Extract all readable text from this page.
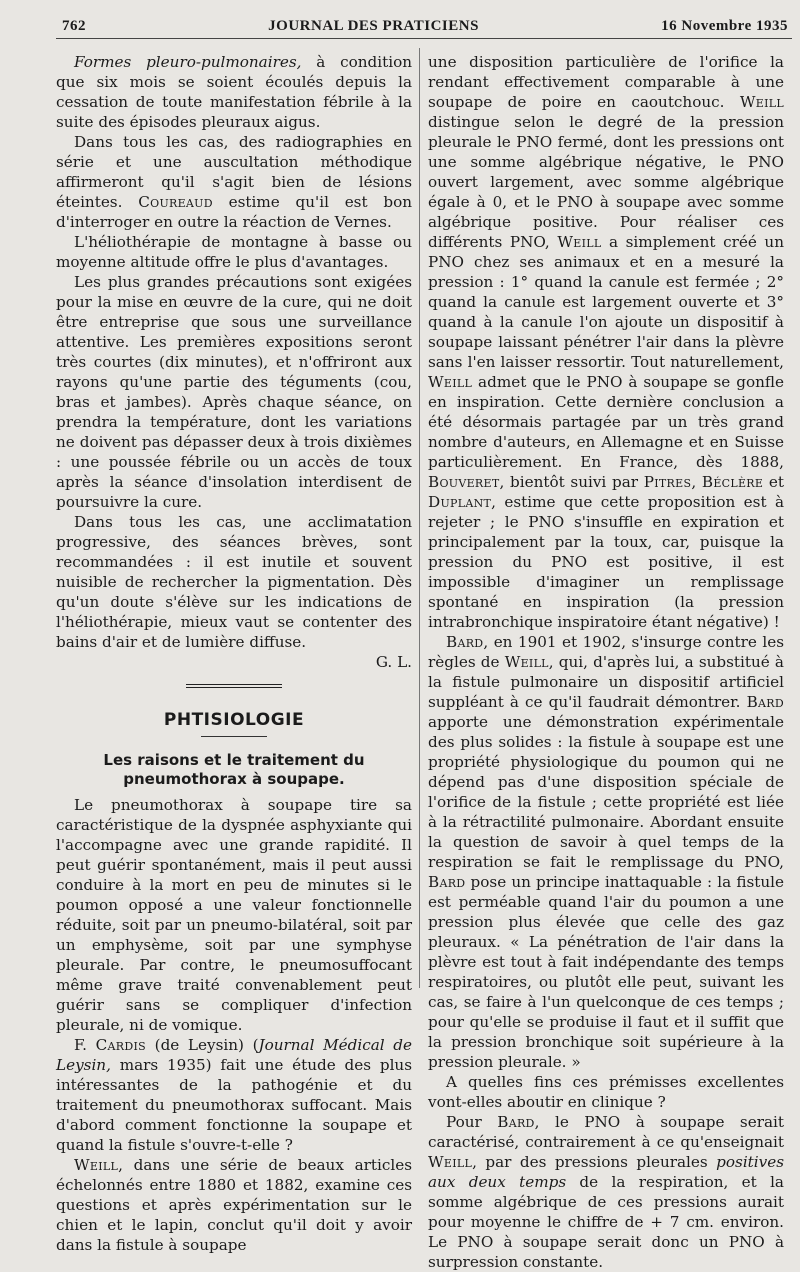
762	JOURNAL DES PRATICIENS	16 Novembre 1935

Formes pleuro-pulmonaires, à condition que six mois se soient écoulés depuis la cessation de toute manifestation fébrile à la suite des épisodes pleuraux aigus.

Dans tous les cas, des radiographies en série et une auscultation méthodique affirmeront qu'il s'agit bien de lésions éteintes. Coureaud estime qu'il est bon d'interroger en outre la réaction de Vernes.

L'héliothérapie de montagne à basse ou moyenne altitude offre le plus d'avantages.

Les plus grandes précautions sont exigées pour la mise en œuvre de la cure, qui ne doit être entreprise que sous une surveillance attentive. Les premières expositions seront très courtes (dix minutes), et n'offriront aux rayons qu'une partie des téguments (cou, bras et jambes). Après chaque séance, on prendra la température, dont les variations ne doivent pas dépasser deux à trois dixièmes : une poussée fébrile ou un accès de toux après la séance d'insolation interdisent de poursuivre la cure.

Dans tous les cas, une acclimatation progressive, des séances brèves, sont recommandées : il est inutile et souvent nuisible de rechercher la pigmentation. Dès qu'un doute s'élève sur les indications de l'héliothérapie, mieux vaut se contenter des bains d'air et de lumière diffuse.

G. L.

PHTISIOLOGIE
Les raisons et le traitement du pneumothorax à soupape.

Le pneumothorax à soupape tire sa caractéristique de la dyspnée asphyxiante qui l'accompagne avec une grande rapidité. Il peut guérir spontanément, mais il peut aussi conduire à la mort en peu de minutes si le poumon opposé a une valeur fonctionnelle réduite, soit par un pneumo-bilatéral, soit par un emphysème, soit par une symphyse pleurale. Par contre, le pneumosuffocant même grave traité convenablement peut guérir sans se compliquer d'infection pleurale, ni de vomique.

F. Cardis (de Leysin) (Journal Médical de Leysin, mars 1935) fait une étude des plus intéressantes de la pathogénie et du traitement du pneumothorax suffocant. Mais d'abord comment fonctionne la soupape et quand la fistule s'ouvre-t-elle ?

Weill, dans une série de beaux articles échelonnés entre 1880 et 1882, examine ces questions et après expérimentation sur le chien et le lapin, conclut qu'il doit y avoir dans la fistule à soupape

une disposition particulière de l'orifice la rendant effectivement comparable à une soupape de poire en caoutchouc. Weill distingue selon le degré de la pression pleurale le PNO fermé, dont les pressions ont une somme algébrique négative, le PNO ouvert largement, avec somme algébrique égale à 0, et le PNO à soupape avec somme algébrique positive. Pour réaliser ces différents PNO, Weill a simplement créé un PNO chez ses animaux et en a mesuré la pression : 1° quand la canule est fermée ; 2° quand la canule est largement ouverte et 3° quand à la canule l'on ajoute un dispositif à soupape laissant pénétrer l'air dans la plèvre sans l'en laisser ressortir. Tout naturellement, Weill admet que le PNO à soupape se gonfle en inspiration. Cette dernière conclusion a été désormais partagée par un très grand nombre d'auteurs, en Allemagne et en Suisse particulièrement. En France, dès 1888, Bouveret, bientôt suivi par Pitres, Béclère et Duplant, estime que cette proposition est à rejeter ; le PNO s'insuffle en expiration et principalement par la toux, car, puisque la pression du PNO est positive, il est impossible d'imaginer un remplissage spontané en inspiration (la pression intrabronchique inspiratoire étant négative) !

Bard, en 1901 et 1902, s'insurge contre les règles de Weill, qui, d'après lui, a substitué à la fistule pulmonaire un dispositif artificiel suppléant à ce qu'il faudrait démontrer. Bard apporte une démonstration expérimentale des plus solides : la fistule à soupape est une propriété physiologique du poumon qui ne dépend pas d'une disposition spéciale de l'orifice de la fistule ; cette propriété est liée à la rétractilité pulmonaire. Abordant ensuite la question de savoir à quel temps de la respiration se fait le remplissage du PNO, Bard pose un principe inattaquable : la fistule est perméable quand l'air du poumon a une pression plus élevée que celle des gaz pleuraux. « La pénétration de l'air dans la plèvre est tout à fait indépendante des temps respiratoires, ou plutôt elle peut, suivant les cas, se faire à l'un quelconque de ces temps ; pour qu'elle se produise il faut et il suffit que la pression bronchique soit supérieure à la pression pleurale. »

A quelles fins ces prémisses excellentes vont-elles aboutir en clinique ?

Pour Bard, le PNO à soupape serait caractérisé, contrairement à ce qu'enseignait Weill, par des pressions pleurales positives aux deux temps de la respiration, et la somme algébrique de ces pressions aurait pour moyenne le chiffre de + 7 cm. environ. Le PNO à soupape serait donc un PNO à surpression constante.
